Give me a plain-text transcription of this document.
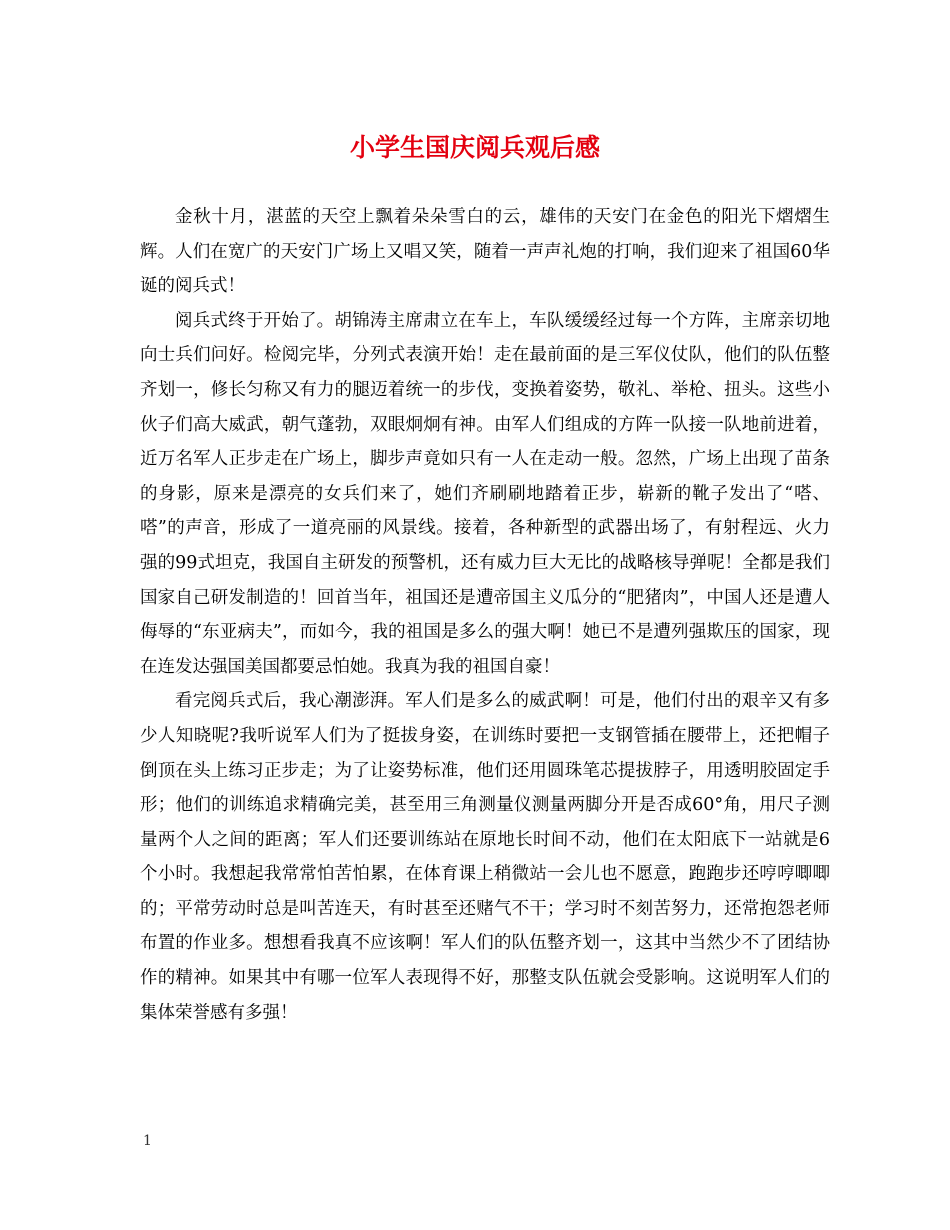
小学生国庆阅兵观后感

金秋十月，湛蓝的天空上飘着朵朵雪白的云，雄伟的天安门在金色的阳光下熠熠生辉。人们在宽广的天安门广场上又唱又笑，随着一声声礼炮的打响，我们迎来了祖国60华诞的阅兵式！

阅兵式终于开始了。胡锦涛主席肃立在车上，车队缓缓经过每一个方阵，主席亲切地向士兵们问好。检阅完毕，分列式表演开始！走在最前面的是三军仪仗队，他们的队伍整齐划一，修长匀称又有力的腿迈着统一的步伐，变换着姿势，敬礼、举枪、扭头。这些小伙子们高大威武，朝气蓬勃，双眼炯炯有神。由军人们组成的方阵一队接一队地前进着，近万名军人正步走在广场上，脚步声竟如只有一人在走动一般。忽然，广场上出现了苗条的身影，原来是漂亮的女兵们来了，她们齐刷刷地踏着正步，崭新的靴子发出了“嗒、嗒”的声音，形成了一道亮丽的风景线。接着，各种新型的武器出场了，有射程远、火力强的99式坦克，我国自主研发的预警机，还有威力巨大无比的战略核导弹呢！全都是我们国家自己研发制造的！回首当年，祖国还是遭帝国主义瓜分的“肥猪肉”，中国人还是遭人侮辱的“东亚病夫”，而如今，我的祖国是多么的强大啊！她已不是遭列强欺压的国家，现在连发达强国美国都要忌怕她。我真为我的祖国自豪！

看完阅兵式后，我心潮澎湃。军人们是多么的威武啊！可是，他们付出的艰辛又有多少人知晓呢?我听说军人们为了挺拔身姿，在训练时要把一支钢管插在腰带上，还把帽子倒顶在头上练习正步走；为了让姿势标准，他们还用圆珠笔芯提拔脖子，用透明胶固定手形；他们的训练追求精确完美，甚至用三角测量仪测量两脚分开是否成60°角，用尺子测量两个人之间的距离；军人们还要训练站在原地长时间不动，他们在太阳底下一站就是6个小时。我想起我常常怕苦怕累，在体育课上稍微站一会儿也不愿意，跑跑步还哼哼唧唧的；平常劳动时总是叫苦连天，有时甚至还赌气不干；学习时不刻苦努力，还常抱怨老师布置的作业多。想想看我真不应该啊！军人们的队伍整齐划一，这其中当然少不了团结协作的精神。如果其中有哪一位军人表现得不好，那整支队伍就会受影响。这说明军人们的集体荣誉感有多强！

1
